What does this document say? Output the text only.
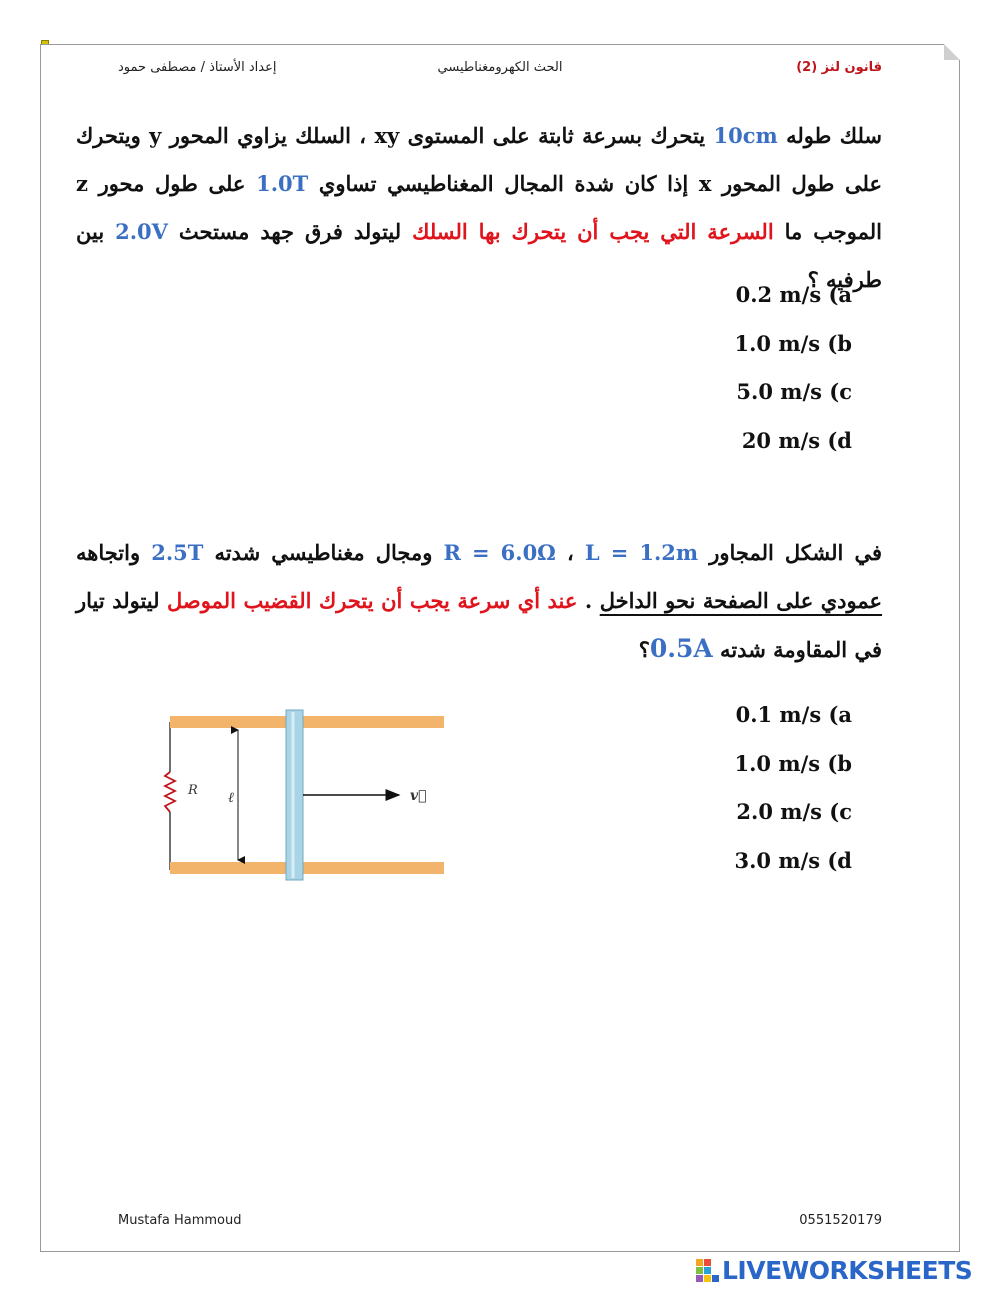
قانون لنز (2)
الحث الكهرومغناطيسي
إعداد الأستاذ / مصطفى حمود
سلك طوله 10cm يتحرك بسرعة ثابتة على المستوى xy ، السلك يزاوي المحور y ويتحرك على طول المحور x إذا كان شدة المجال المغناطيسي تساوي 1.0T على طول محور z الموجب ما السرعة التي يجب أن يتحرك بها السلك ليتولد فرق جهد مستحث 2.0V بين طرفيه ؟
0.2 m/s (a
1.0 m/s (b
5.0 m/s (c
20 m/s (d
في الشكل المجاور R = 6.0Ω ، L = 1.2m ومجال مغناطيسي شدته 2.5T واتجاهه عمودي على الصفحة نحو الداخل . عند أي سرعة يجب أن يتحرك القضيب الموصل ليتولد تيار في المقاومة شدته 0.5A؟
0.1 m/s (a
1.0 m/s (b
2.0 m/s (c
3.0 m/s (d
R ℓ	v⃗
Mustafa Hammoud	0551520179
LIVEWORKSHEETS
